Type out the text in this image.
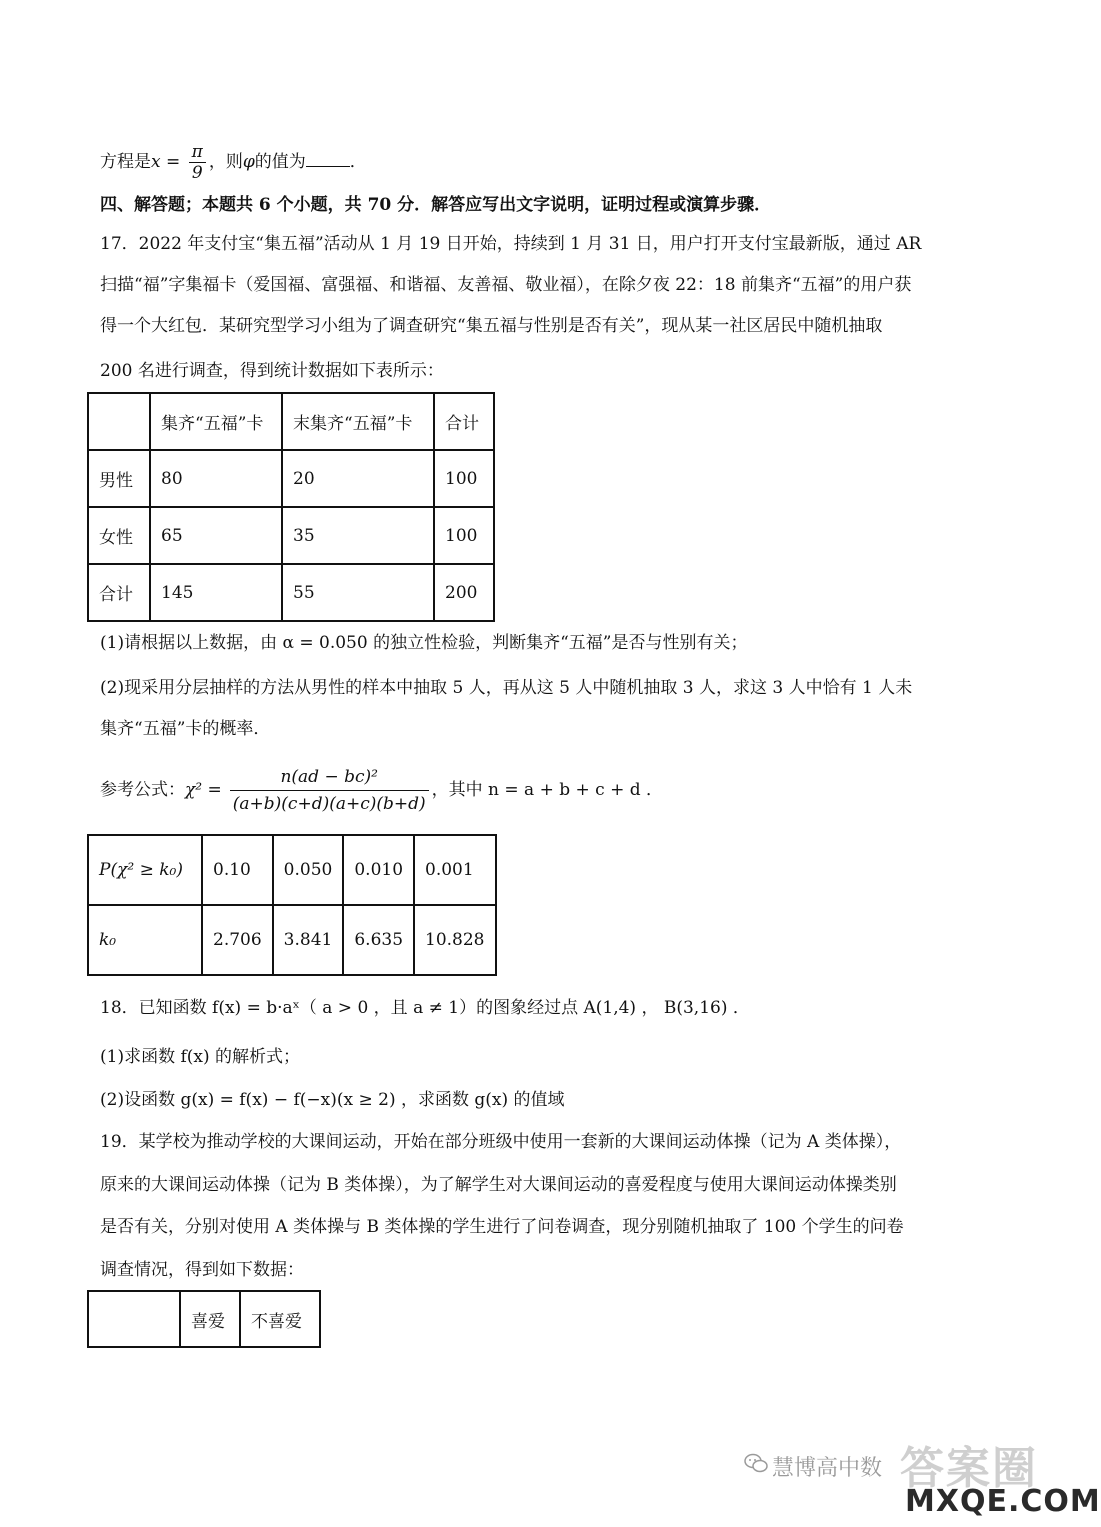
方程是$x = \frac{\pi}{9}$ ，则φ的值为	．
四、解答题；本题共 6 个小题，共 70 分．解答应写出文字说明，证明过程或演算步骤．
17．2022 年支付宝“集五福”活动从 1 月 19 日开始，持续到 1 月 31 日，用户打开支付宝最新版，通过 AR
扫描“福”字集福卡（爱国福、富强福、和谐福、友善福、敬业福），在除夕夜 22：18 前集齐“五福”的用户获
得一个大红包．某研究型学习小组为了调查研究“集五福与性别是否有关”，现从某一社区居民中随机抽取
200 名进行调查，得到统计数据如下表所示：
	集齐“五福”卡	末集齐“五福”卡	合计
男性	80	20	100
女性	65	35	100
合计	145	55	200
(1)请根据以上数据，由 α = 0.050 的独立性检验，判断集齐“五福”是否与性别有关；
(2)现采用分层抽样的方法从男性的样本中抽取 5 人，再从这 5 人中随机抽取 3 人，求这 3 人中恰有 1 人未
集齐“五福”卡的概率．
参考公式：$\chi^2 = \frac{\text{n(ad − bc)²}}{(a+b)(c+d)(a+c)(b+d)}$ ，其中 n = a + b + c + d ．
P(χ² ≥ k₀)	0.10	0.050	0.010	0.001
k₀	2.706	3.841	6.635	10.828
18．已知函数 f(x) = b·aˣ（ a > 0 ，且 a ≠ 1）的图象经过点 A(1,4) ， B(3,16) ．
(1)求函数 f(x) 的解析式；
(2)设函数 g(x) = f(x) − f(−x)(x ≥ 2) ，求函数 g(x) 的值域
19．某学校为推动学校的大课间运动，开始在部分班级中使用一套新的大课间运动体操（记为 A 类体操），
原来的大课间运动体操（记为 B 类体操），为了解学生对大课间运动的喜爱程度与使用大课间运动体操类别
是否有关，分别对使用 A 类体操与 B 类体操的学生进行了问卷调查，现分别随机抽取了 100 个学生的问卷
调查情况，得到如下数据：
	喜爱	不喜爱
慧博高中数 答案圈
MXQE.COM
